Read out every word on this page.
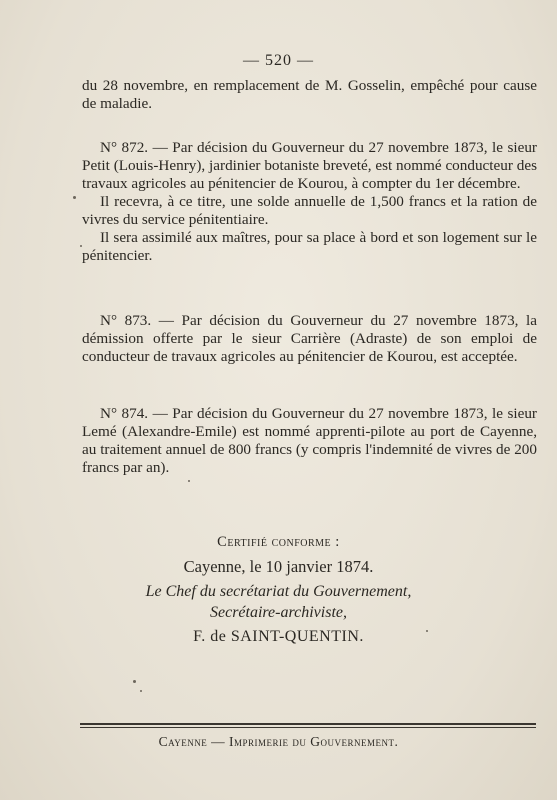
— 520 —

du 28 novembre, en remplacement de M. Gosselin, empêché pour cause de maladie.

N° 872. — Par décision du Gouverneur du 27 novembre 1873, le sieur Petit (Louis-Henry), jardinier botaniste breveté, est nommé conducteur des travaux agricoles au pénitencier de Kourou, à compter du 1er décembre.

Il recevra, à ce titre, une solde annuelle de 1,500 francs et la ration de vivres du service pénitentiaire.

Il sera assimilé aux maîtres, pour sa place à bord et son logement sur le pénitencier.

N° 873. — Par décision du Gouverneur du 27 novembre 1873, la démission offerte par le sieur Carrière (Adraste) de son emploi de conducteur de travaux agricoles au pénitencier de Kourou, est acceptée.

N° 874. — Par décision du Gouverneur du 27 novembre 1873, le sieur Lemé (Alexandre-Emile) est nommé apprenti-pilote au port de Cayenne, au traitement annuel de 800 francs (y compris l'indemnité de vivres de 200 francs par an).

Certifié conforme :
Cayenne, le 10 janvier 1874.
Le Chef du secrétariat du Gouvernement,
Secrétaire-archiviste,
F. de SAINT-QUENTIN.
Cayenne — Imprimerie du Gouvernement.
